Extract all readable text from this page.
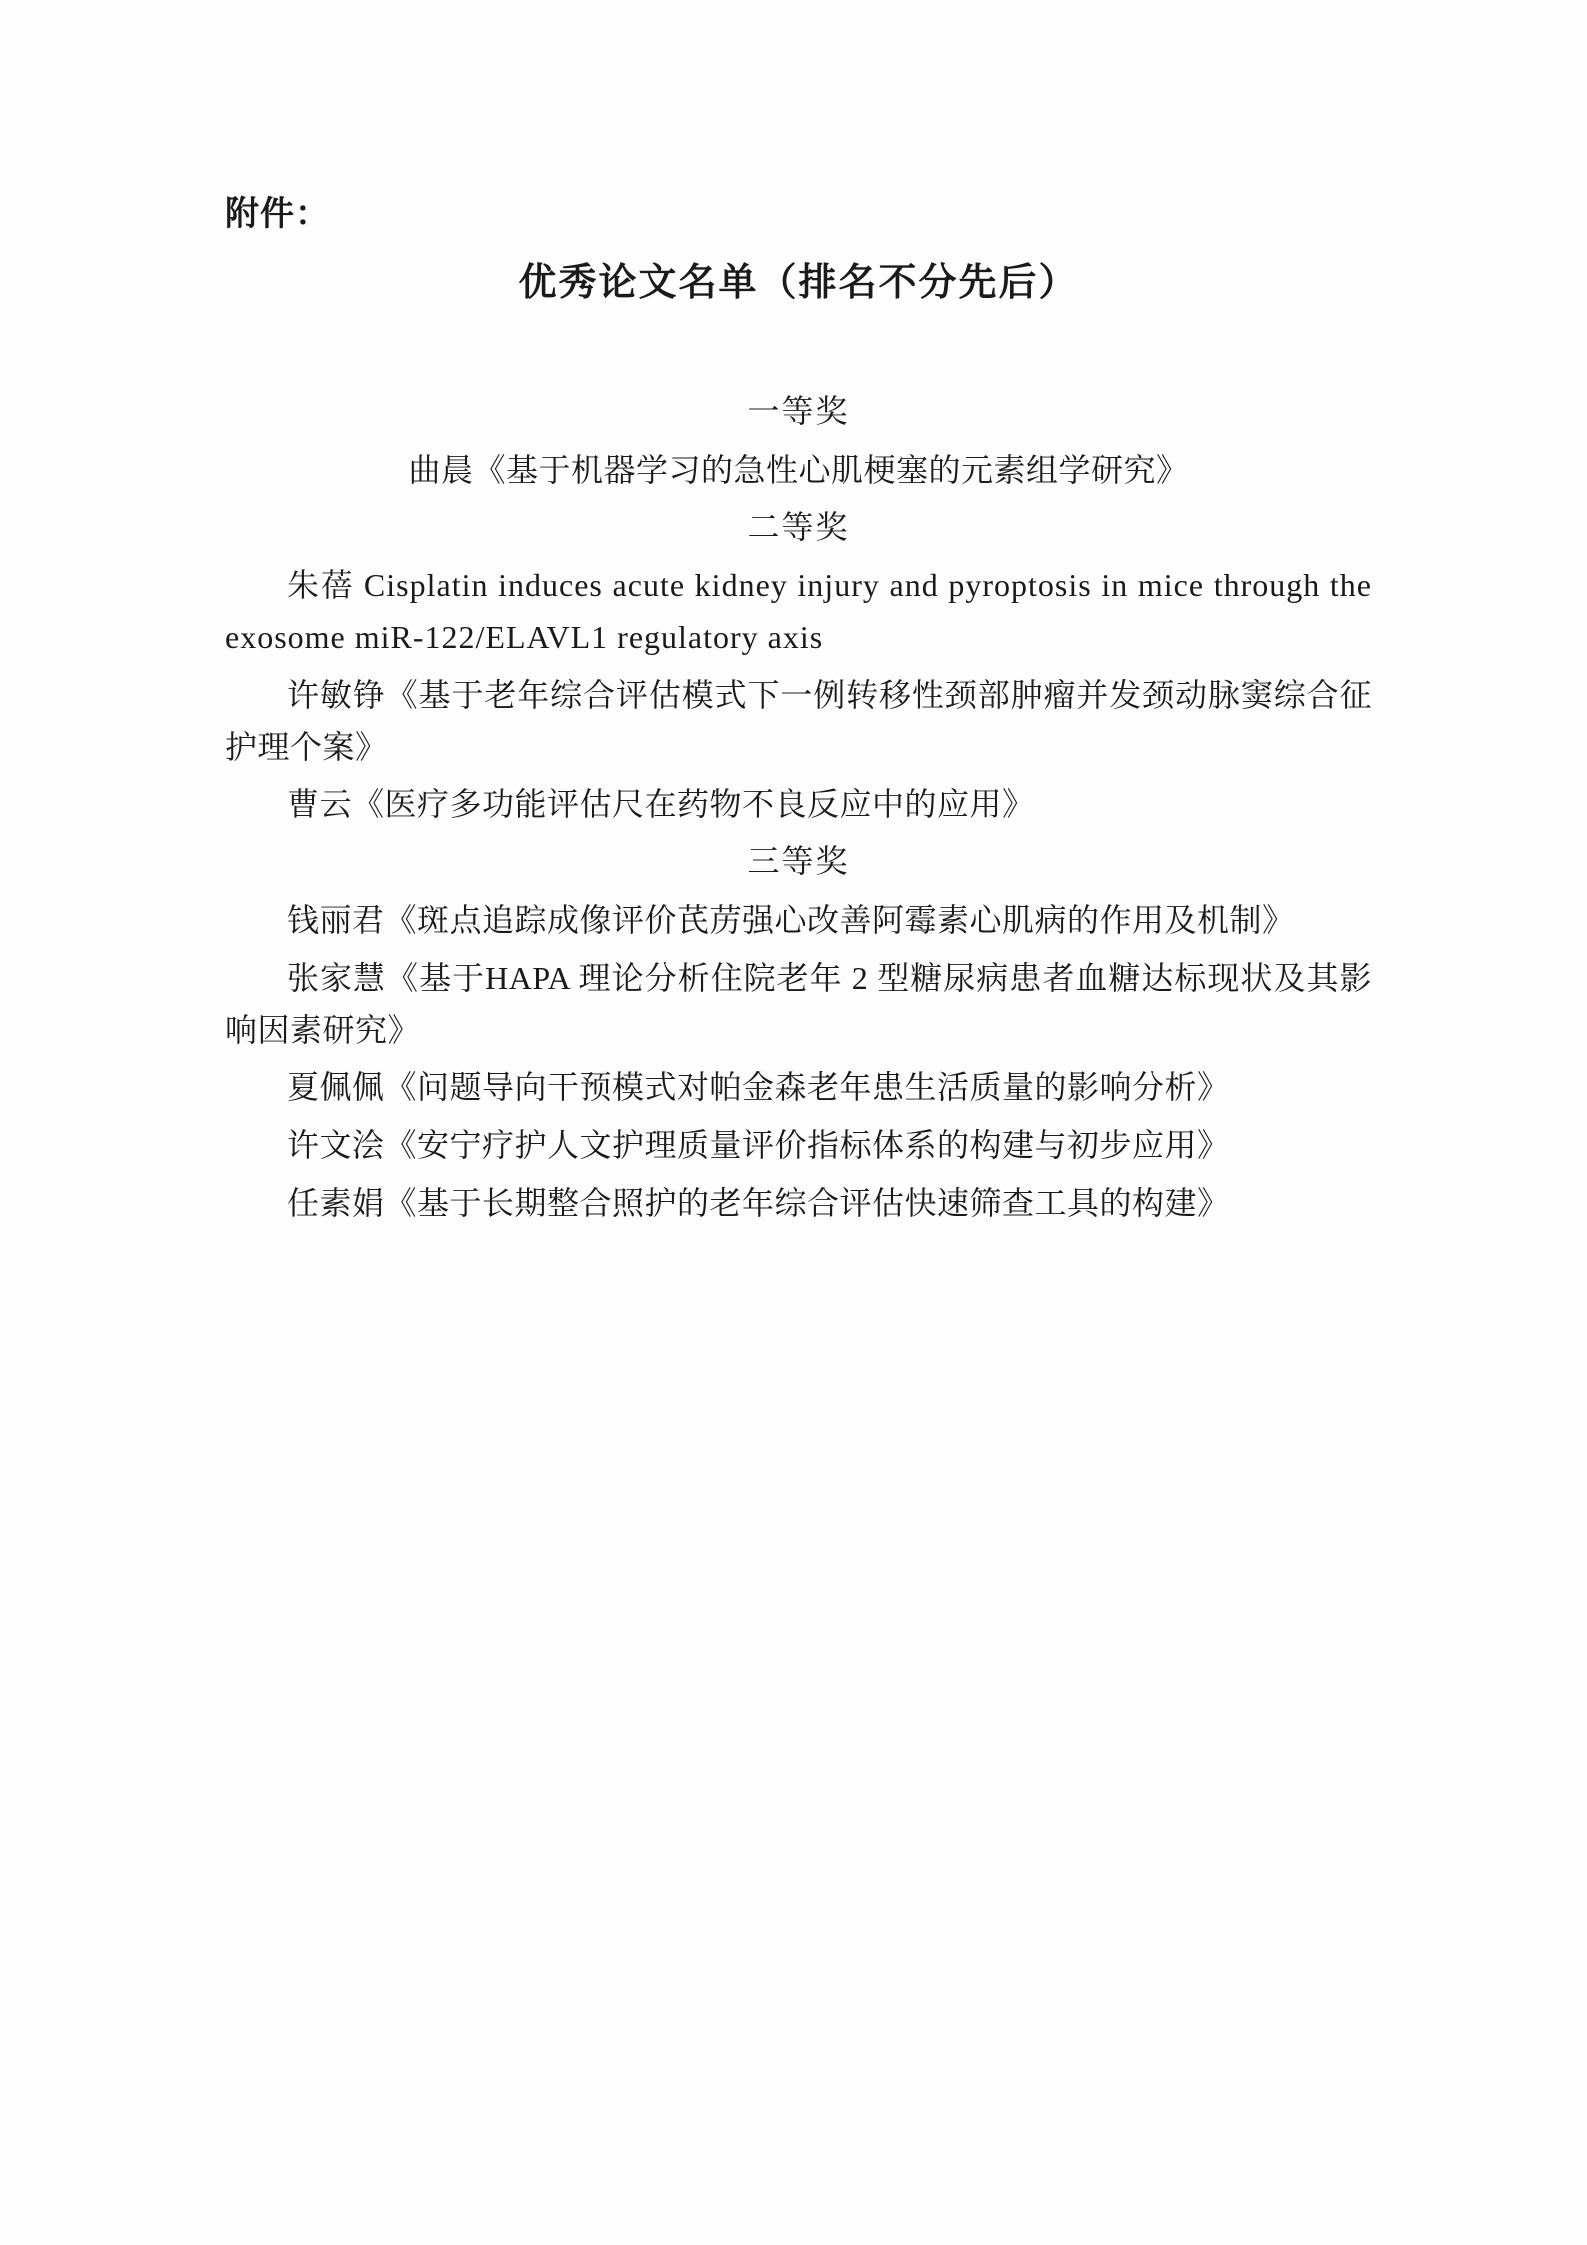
附件：
优秀论文名单（排名不分先后）
一等奖
曲晨《基于机器学习的急性心肌梗塞的元素组学研究》
二等奖
朱蓓 Cisplatin induces acute kidney injury and pyroptosis in mice through the exosome miR-122/ELAVL1 regulatory axis
许敏铮《基于老年综合评估模式下一例转移性颈部肿瘤并发颈动脉窦综合征护理个案》
曹云《医疗多功能评估尺在药物不良反应中的应用》
三等奖
钱丽君《斑点追踪成像评价芪苈强心改善阿霉素心肌病的作用及机制》
张家慧《基于HAPA 理论分析住院老年 2 型糖尿病患者血糖达标现状及其影响因素研究》
夏佩佩《问题导向干预模式对帕金森老年患生活质量的影响分析》
许文浍《安宁疗护人文护理质量评价指标体系的构建与初步应用》
任素娟《基于长期整合照护的老年综合评估快速筛查工具的构建》
